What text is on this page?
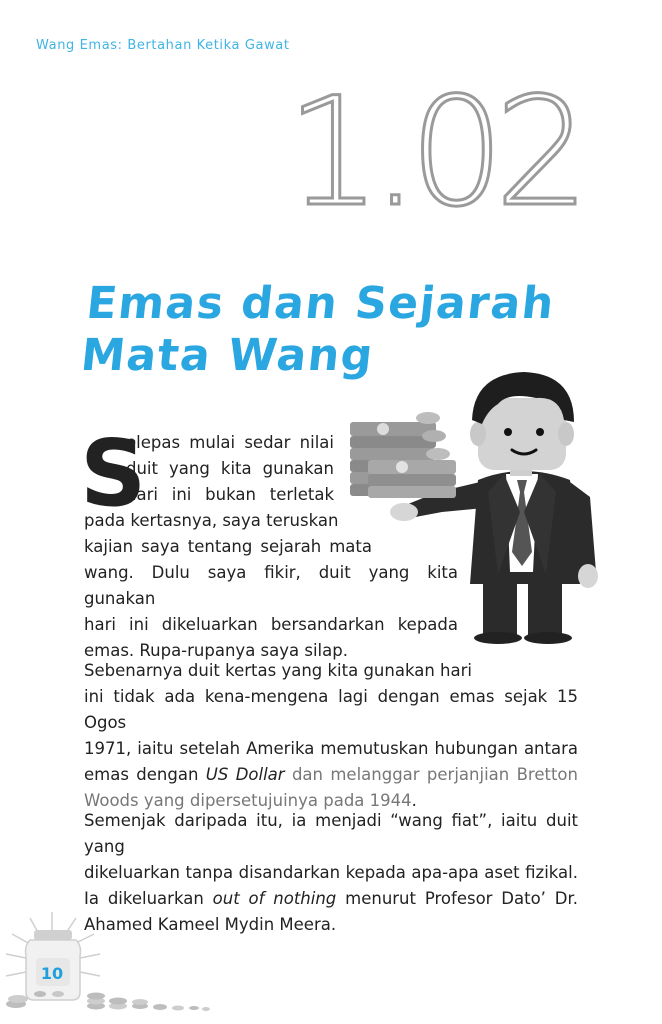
Wang Emas: Bertahan Ketika Gawat
1.02
Emas dan Sejarah
Mata Wang
S
elepas mulai sedar nilai
duit yang kita gunakan
hari ini bukan terletak
pada kertasnya, saya teruskan
kajian saya tentang sejarah mata
wang. Dulu saya fikir, duit yang kita gunakan
hari ini dikeluarkan bersandarkan kepada
emas. Rupa-rupanya saya silap.
Sebenarnya duit kertas yang kita gunakan hari
ini tidak ada kena-mengena lagi dengan emas sejak 15 Ogos
1971, iaitu setelah Amerika memutuskan hubungan antara
emas dengan US Dollar dan melanggar perjanjian Bretton
Woods yang dipersetujuinya pada 1944.
Semenjak daripada itu, ia menjadi “wang fiat”, iaitu duit yang
dikeluarkan tanpa disandarkan kepada apa-apa aset fizikal.
Ia dikeluarkan out of nothing menurut Profesor Dato’ Dr.
Ahamed Kameel Mydin Meera.
10
